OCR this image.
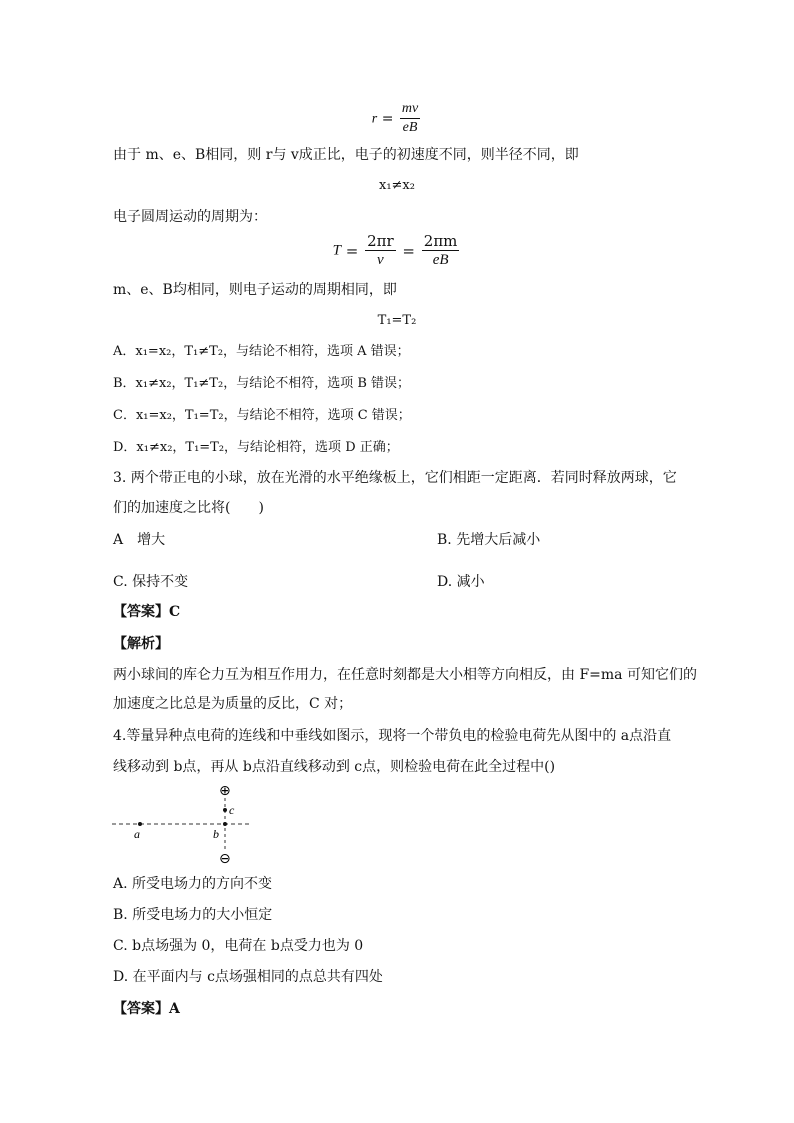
$r = \frac{mv}{eB}$
由于 m、e、B相同，则 r与 v成正比，电子的初速度不同，则半径不同，即
x₁≠x₂
电子圆周运动的周期为：
$T = \frac{2\pi r}{v} = \frac{2\pi m}{eB}$
m、e、B均相同，则电子运动的周期相同，即
T₁=T₂
A．x₁=x₂，T₁≠T₂，与结论不相符，选项 A 错误；
B．x₁≠x₂，T₁≠T₂，与结论不相符，选项 B 错误；
C．x₁=x₂，T₁=T₂，与结论不相符，选项 C 错误；
D．x₁≠x₂，T₁=T₂，与结论相符，选项 D 正确；
3. 两个带正电的小球，放在光滑的水平绝缘板上，它们相距一定距离．若同时释放两球，它
们的加速度之比将(　　)
A　增大	B. 先增大后减小
C. 保持不变	D. 减小
【答案】C
【解析】
两小球间的库仑力互为相互作用力，在任意时刻都是大小相等方向相反，由 F=ma 可知它们的
加速度之比总是为质量的反比，C 对；
4.等量异种点电荷的连线和中垂线如图示，现将一个带负电的检验电荷先从图中的 a点沿直
线移动到 b点，再从 b点沿直线移动到 c点，则检验电荷在此全过程中()
⊕
⊖
a	b
c
A. 所受电场力的方向不变
B. 所受电场力的大小恒定
C. b点场强为 0，电荷在 b点受力也为 0
D. 在平面内与 c点场强相同的点总共有四处
【答案】A
